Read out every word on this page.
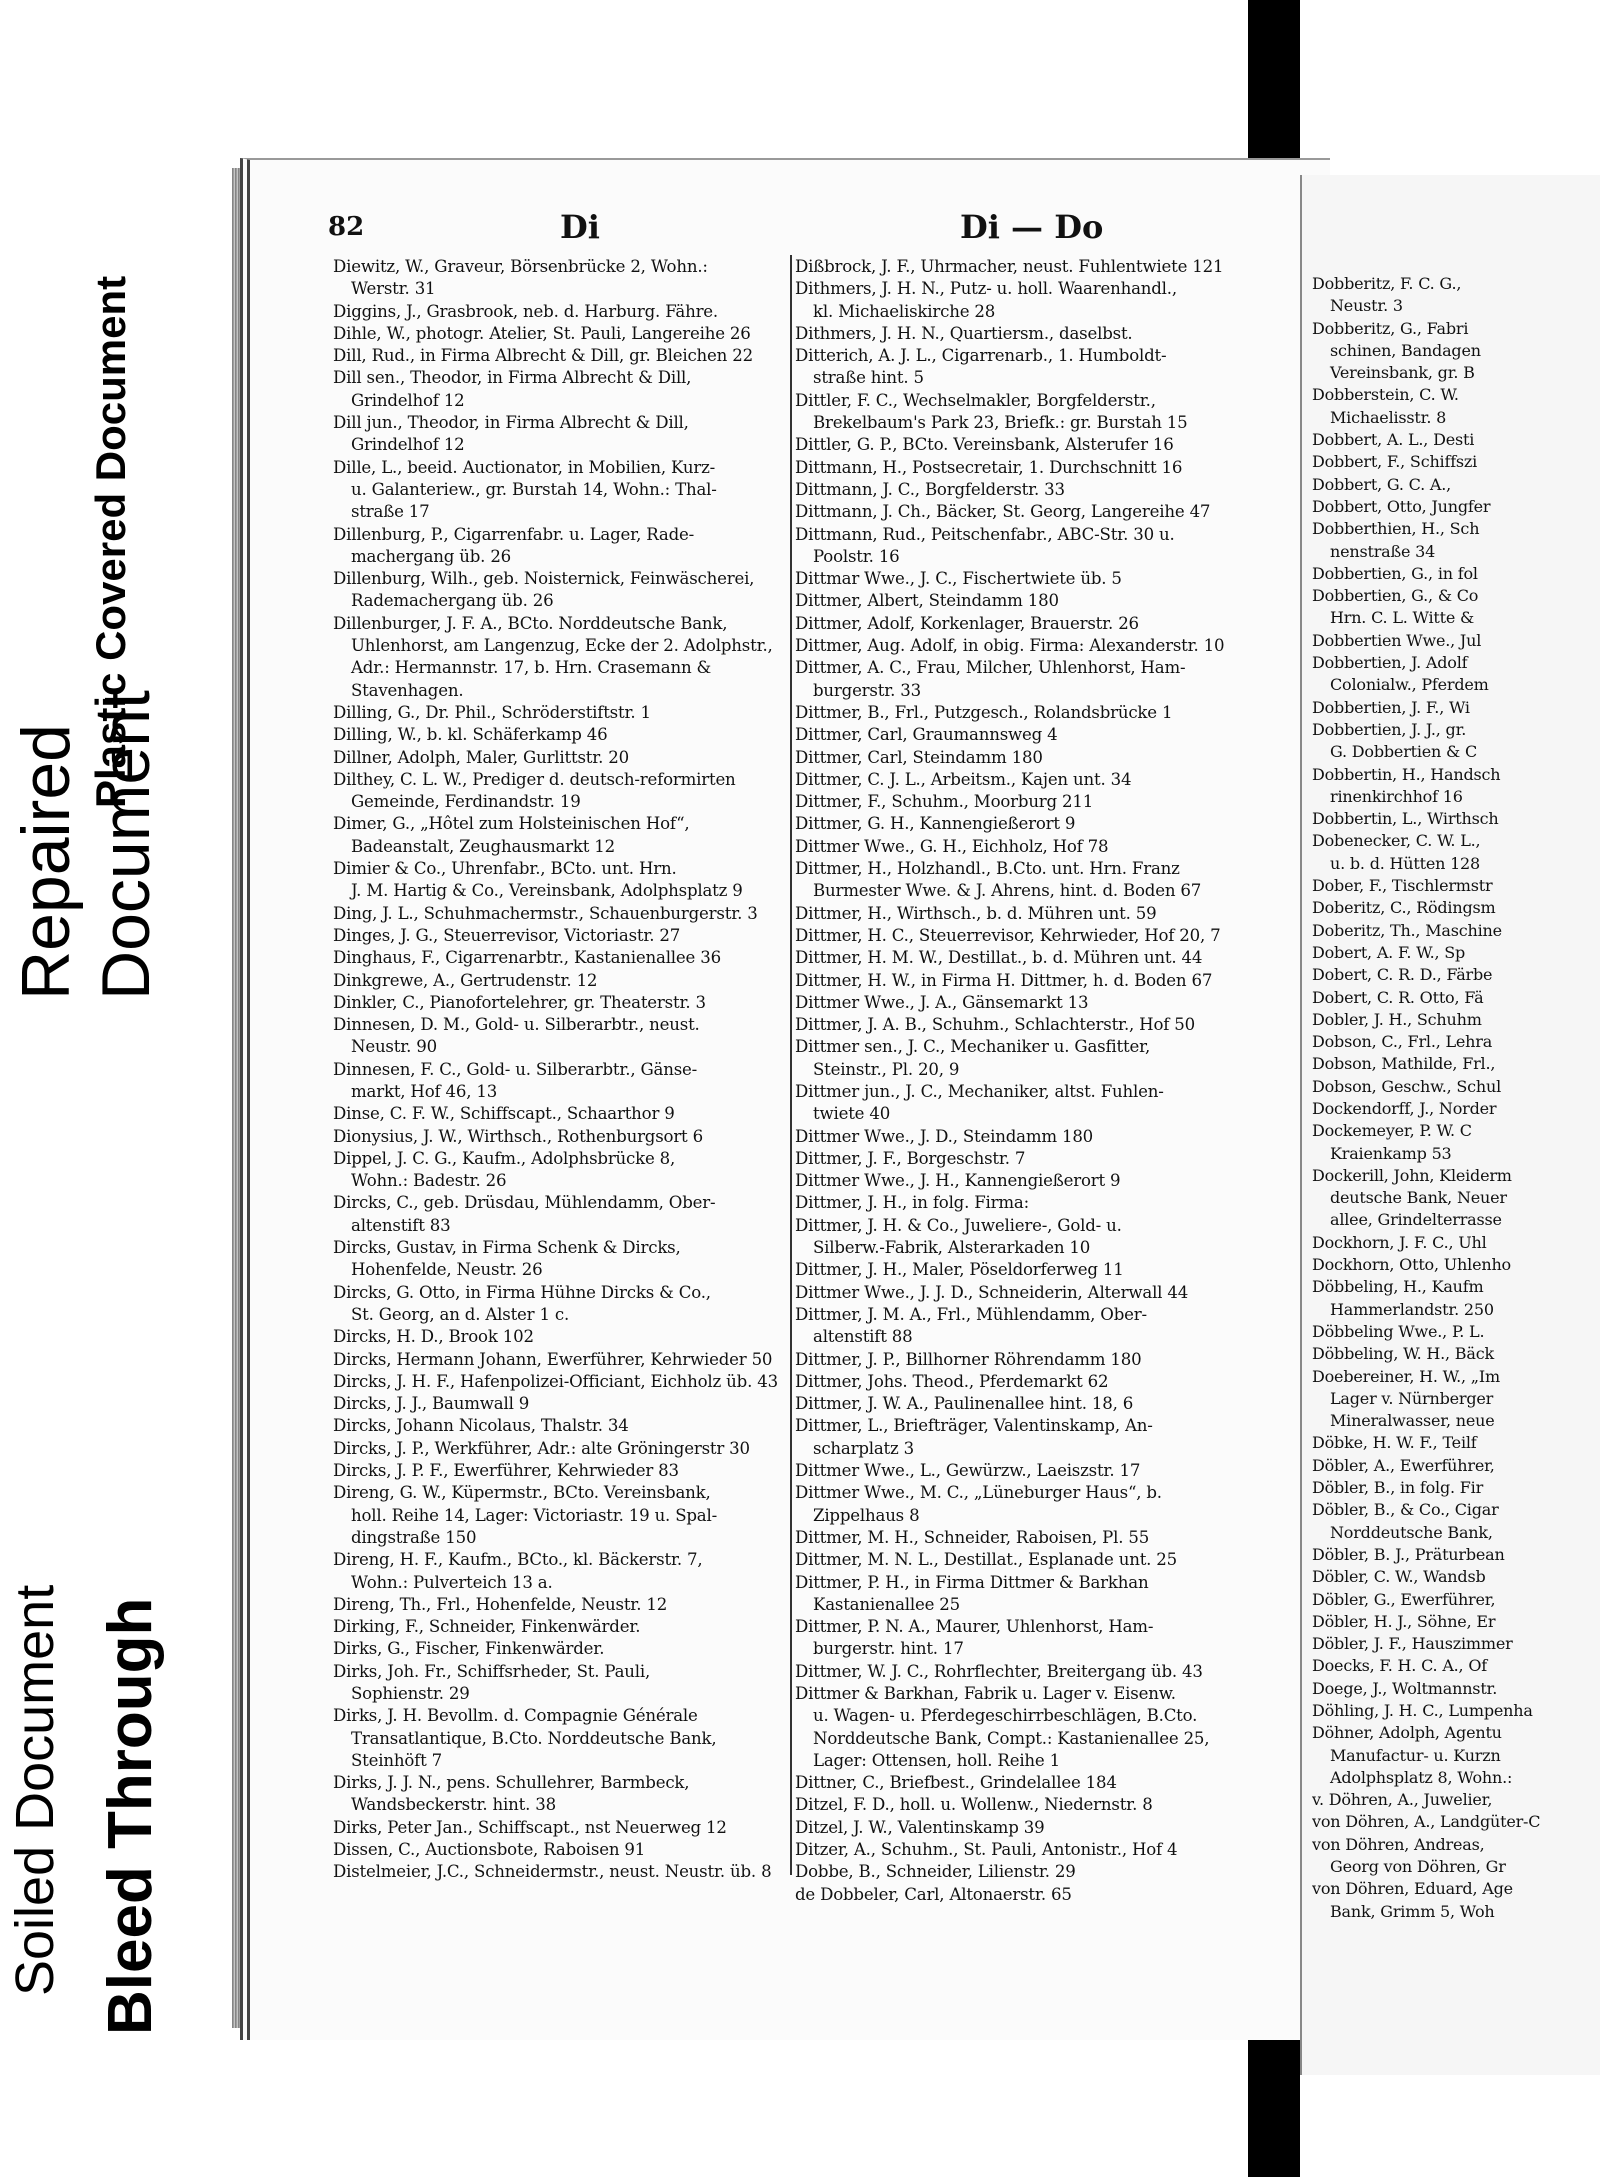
Plastic Covered Document
Repaired Document
Soiled Document Bleed Through
82	Di	Di — Do
Diewitz, W., Graveur, Börsenbrücke 2, Wohn.:
Werstr. 31
Diggins, J., Grasbrook, neb. d. Harburg. Fähre.
Dihle, W., photogr. Atelier, St. Pauli, Langereihe 26
Dill, Rud., in Firma Albrecht & Dill, gr. Bleichen 22
Dill sen., Theodor, in Firma Albrecht & Dill,
Grindelhof 12
Dill jun., Theodor, in Firma Albrecht & Dill,
Grindelhof 12
Dille, L., beeid. Auctionator, in Mobilien, Kurz-
u. Galanteriew., gr. Burstah 14, Wohn.: Thal-
straße 17
Dillenburg, P., Cigarrenfabr. u. Lager, Rade-
machergang üb. 26
Dillenburg, Wilh., geb. Noisternick, Feinwäscherei,
Rademachergang üb. 26
Dillenburger, J. F. A., BCto. Norddeutsche Bank,
Uhlenhorst, am Langenzug, Ecke der 2. Adolphstr.,
Adr.: Hermannstr. 17, b. Hrn. Crasemann &
Stavenhagen.
Dilling, G., Dr. Phil., Schröderstiftstr. 1
Dilling, W., b. kl. Schäferkamp 46
Dillner, Adolph, Maler, Gurlittstr. 20
Dilthey, C. L. W., Prediger d. deutsch-reformirten
Gemeinde, Ferdinandstr. 19
Dimer, G., „Hôtel zum Holsteinischen Hof“,
Badeanstalt, Zeughausmarkt 12
Dimier & Co., Uhrenfabr., BCto. unt. Hrn.
J. M. Hartig & Co., Vereinsbank, Adolphsplatz 9
Ding, J. L., Schuhmachermstr., Schauenburgerstr. 3
Dinges, J. G., Steuerrevisor, Victoriastr. 27
Dinghaus, F., Cigarrenarbtr., Kastanienallee 36
Dinkgrewe, A., Gertrudenstr. 12
Dinkler, C., Pianofortelehrer, gr. Theaterstr. 3
Dinnesen, D. M., Gold- u. Silberarbtr., neust.
Neustr. 90
Dinnesen, F. C., Gold- u. Silberarbtr., Gänse-
markt, Hof 46, 13
Dinse, C. F. W., Schiffscapt., Schaarthor 9
Dionysius, J. W., Wirthsch., Rothenburgsort 6
Dippel, J. C. G., Kaufm., Adolphsbrücke 8,
Wohn.: Badestr. 26
Dircks, C., geb. Drüsdau, Mühlendamm, Ober-
altenstift 83
Dircks, Gustav, in Firma Schenk & Dircks,
Hohenfelde, Neustr. 26
Dircks, G. Otto, in Firma Hühne Dircks & Co.,
St. Georg, an d. Alster 1 c.
Dircks, H. D., Brook 102
Dircks, Hermann Johann, Ewerführer, Kehrwieder 50
Dircks, J. H. F., Hafenpolizei-Officiant, Eichholz üb. 43
Dircks, J. J., Baumwall 9
Dircks, Johann Nicolaus, Thalstr. 34
Dircks, J. P., Werkführer, Adr.: alte Gröningerstr 30
Dircks, J. P. F., Ewerführer, Kehrwieder 83
Direng, G. W., Küpermstr., BCto. Vereinsbank,
holl. Reihe 14, Lager: Victoriastr. 19 u. Spal-
dingstraße 150
Direng, H. F., Kaufm., BCto., kl. Bäckerstr. 7,
Wohn.: Pulverteich 13 a.
Direng, Th., Frl., Hohenfelde, Neustr. 12
Dirking, F., Schneider, Finkenwärder.
Dirks, G., Fischer, Finkenwärder.
Dirks, Joh. Fr., Schiffsrheder, St. Pauli,
Sophienstr. 29
Dirks, J. H. Bevollm. d. Compagnie Générale
Transatlantique, B.Cto. Norddeutsche Bank,
Steinhöft 7
Dirks, J. J. N., pens. Schullehrer, Barmbeck,
Wandsbeckerstr. hint. 38
Dirks, Peter Jan., Schiffscapt., nst Neuerweg 12
Dissen, C., Auctionsbote, Raboisen 91
Distelmeier, J.C., Schneidermstr., neust. Neustr. üb. 8
Dißbrock, J. F., Uhrmacher, neust. Fuhlentwiete 121
Dithmers, J. H. N., Putz- u. holl. Waarenhandl.,
kl. Michaeliskirche 28
Dithmers, J. H. N., Quartiersm., daselbst.
Ditterich, A. J. L., Cigarrenarb., 1. Humboldt-
straße hint. 5
Dittler, F. C., Wechselmakler, Borgfelderstr.,
Brekelbaum's Park 23, Briefk.: gr. Burstah 15
Dittler, G. P., BCto. Vereinsbank, Alsterufer 16
Dittmann, H., Postsecretair, 1. Durchschnitt 16
Dittmann, J. C., Borgfelderstr. 33
Dittmann, J. Ch., Bäcker, St. Georg, Langereihe 47
Dittmann, Rud., Peitschenfabr., ABC-Str. 30 u.
Poolstr. 16
Dittmar Wwe., J. C., Fischertwiete üb. 5
Dittmer, Albert, Steindamm 180
Dittmer, Adolf, Korkenlager, Brauerstr. 26
Dittmer, Aug. Adolf, in obig. Firma: Alexanderstr. 10
Dittmer, A. C., Frau, Milcher, Uhlenhorst, Ham-
burgerstr. 33
Dittmer, B., Frl., Putzgesch., Rolandsbrücke 1
Dittmer, Carl, Graumannsweg 4
Dittmer, Carl, Steindamm 180
Dittmer, C. J. L., Arbeitsm., Kajen unt. 34
Dittmer, F., Schuhm., Moorburg 211
Dittmer, G. H., Kannengießerort 9
Dittmer Wwe., G. H., Eichholz, Hof 78
Dittmer, H., Holzhandl., B.Cto. unt. Hrn. Franz
Burmester Wwe. & J. Ahrens, hint. d. Boden 67
Dittmer, H., Wirthsch., b. d. Mühren unt. 59
Dittmer, H. C., Steuerrevisor, Kehrwieder, Hof 20, 7
Dittmer, H. M. W., Destillat., b. d. Mühren unt. 44
Dittmer, H. W., in Firma H. Dittmer, h. d. Boden 67
Dittmer Wwe., J. A., Gänsemarkt 13
Dittmer, J. A. B., Schuhm., Schlachterstr., Hof 50
Dittmer sen., J. C., Mechaniker u. Gasfitter,
Steinstr., Pl. 20, 9
Dittmer jun., J. C., Mechaniker, altst. Fuhlen-
twiete 40
Dittmer Wwe., J. D., Steindamm 180
Dittmer, J. F., Borgeschstr. 7
Dittmer Wwe., J. H., Kannengießerort 9
Dittmer, J. H., in folg. Firma:
Dittmer, J. H. & Co., Juweliere-, Gold- u.
Silberw.-Fabrik, Alsterarkaden 10
Dittmer, J. H., Maler, Pöseldorferweg 11
Dittmer Wwe., J. J. D., Schneiderin, Alterwall 44
Dittmer, J. M. A., Frl., Mühlendamm, Ober-
altenstift 88
Dittmer, J. P., Billhorner Röhrendamm 180
Dittmer, Johs. Theod., Pferdemarkt 62
Dittmer, J. W. A., Paulinenallee hint. 18, 6
Dittmer, L., Briefträger, Valentinskamp, An-
scharplatz 3
Dittmer Wwe., L., Gewürzw., Laeiszstr. 17
Dittmer Wwe., M. C., „Lüneburger Haus“, b.
Zippelhaus 8
Dittmer, M. H., Schneider, Raboisen, Pl. 55
Dittmer, M. N. L., Destillat., Esplanade unt. 25
Dittmer, P. H., in Firma Dittmer & Barkhan
Kastanienallee 25
Dittmer, P. N. A., Maurer, Uhlenhorst, Ham-
burgerstr. hint. 17
Dittmer, W. J. C., Rohrflechter, Breitergang üb. 43
Dittmer & Barkhan, Fabrik u. Lager v. Eisenw.
u. Wagen- u. Pferdegeschirrbeschlägen, B.Cto.
Norddeutsche Bank, Compt.: Kastanienallee 25,
Lager: Ottensen, holl. Reihe 1
Dittner, C., Briefbest., Grindelallee 184
Ditzel, F. D., holl. u. Wollenw., Niedernstr. 8
Ditzel, J. W., Valentinskamp 39
Ditzer, A., Schuhm., St. Pauli, Antonistr., Hof 4
Dobbe, B., Schneider, Lilienstr. 29
de Dobbeler, Carl, Altonaerstr. 65
Dobberitz, F. C. G.,
Neustr. 3
Dobberitz, G., Fabri
schinen, Bandagen
Vereinsbank, gr. B
Dobberstein, C. W.
Michaelisstr. 8
Dobbert, A. L., Desti
Dobbert, F., Schiffszi
Dobbert, G. C. A.,
Dobbert, Otto, Jungfer
Dobberthien, H., Sch
nenstraße 34
Dobbertien, G., in fol
Dobbertien, G., & Co
Hrn. C. L. Witte &
Dobbertien Wwe., Jul
Dobbertien, J. Adolf
Colonialw., Pferdem
Dobbertien, J. F., Wi
Dobbertien, J. J., gr.
G. Dobbertien & C
Dobbertin, H., Handsch
rinenkirchhof 16
Dobbertin, L., Wirthsch
Dobenecker, C. W. L.,
u. b. d. Hütten 128
Dober, F., Tischlermstr
Doberitz, C., Rödingsm
Doberitz, Th., Maschine
Dobert, A. F. W., Sp
Dobert, C. R. D., Färbe
Dobert, C. R. Otto, Fä
Dobler, J. H., Schuhm
Dobson, C., Frl., Lehra
Dobson, Mathilde, Frl.,
Dobson, Geschw., Schul
Dockendorff, J., Norder
Dockemeyer, P. W. C
Kraienkamp 53
Dockerill, John, Kleiderm
deutsche Bank, Neuer
allee, Grindelterrasse
Dockhorn, J. F. C., Uhl
Dockhorn, Otto, Uhlenho
Döbbeling, H., Kaufm
Hammerlandstr. 250
Döbbeling Wwe., P. L.
Döbbeling, W. H., Bäck
Doebereiner, H. W., „Im
Lager v. Nürnberger
Mineralwasser, neue
Döbke, H. W. F., Teilf
Döbler, A., Ewerführer,
Döbler, B., in folg. Fir
Döbler, B., & Co., Cigar
Norddeutsche Bank,
Döbler, B. J., Präturbean
Döbler, C. W., Wandsb
Döbler, G., Ewerführer,
Döbler, H. J., Söhne, Er
Döbler, J. F., Hauszimmer
Doecks, F. H. C. A., Of
Doege, J., Woltmannstr.
Döhling, J. H. C., Lumpenha
Döhner, Adolph, Agentu
Manufactur- u. Kurzn
Adolphsplatz 8, Wohn.:
v. Döhren, A., Juwelier,
von Döhren, A., Landgüter-C
von Döhren, Andreas,
Georg von Döhren, Gr
von Döhren, Eduard, Age
Bank, Grimm 5, Woh
